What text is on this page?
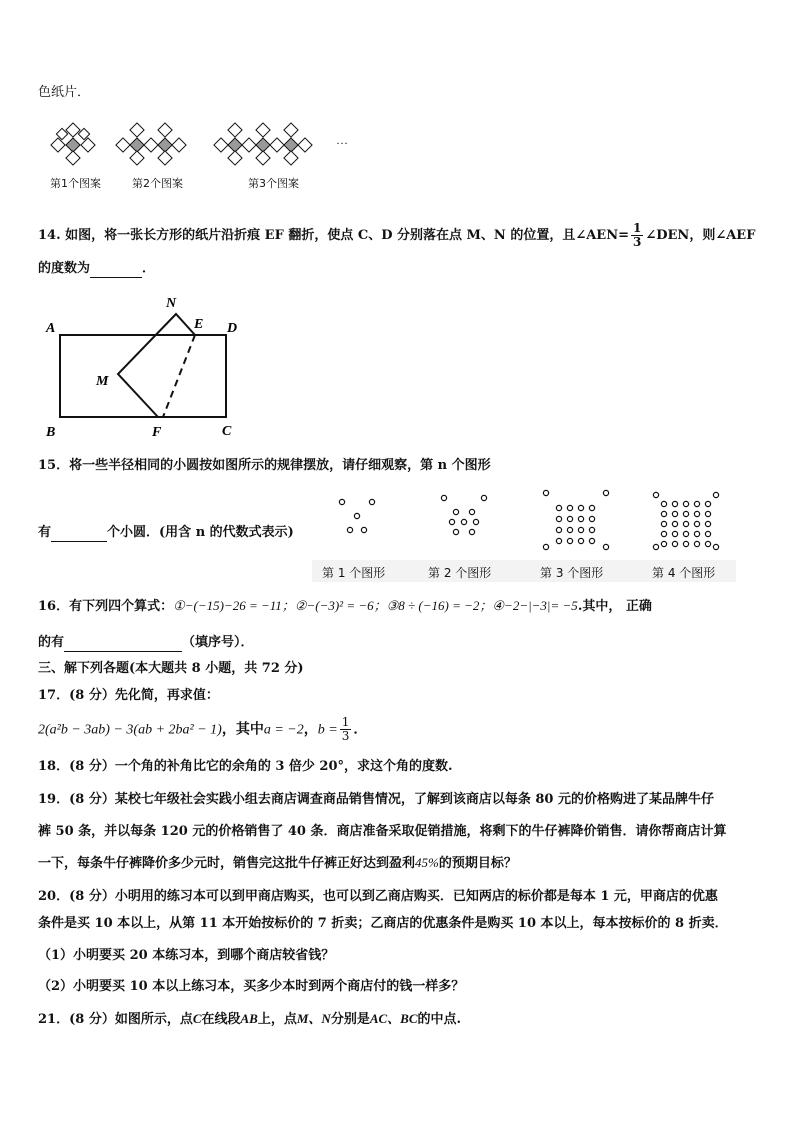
色纸片．
…
第1个图案	第2个图案	第3个图案
14. 如图，将一张长方形的纸片沿折痕 EF 翻折，使点 C、D 分别落在点 M、N 的位置，且∠AEN= $\frac{1}{3}$ ∠DEN，则∠AEF
的度数为	．
A
B	C
D
E
F
M
N
15．将一些半径相同的小圆按如图所示的规律摆放，请仔细观察，第 n 个图形
有	个小圆．(用含 n 的代数式表示)
第 1 个图形	第 2 个图形	第 3 个图形	第 4 个图形
16．有下列四个算式：①−(−15)−26 = −11；②−(−3)² = −6；③8 ÷ (−16) = −2；④−2−|−3|= −5.其中， 正确
的有	（填序号）．
三、解下列各题(本大题共 8 小题，共 72 分)
17．(8 分）先化简，再求值：
2(a²b − 3ab) − 3(ab + 2ba² − 1)，其中a = −2，$b = \frac{1}{3}$ ．
18．(8 分）一个角的补角比它的余角的 3 倍少 20°，求这个角的度数.
19．(8 分）某校七年级社会实践小组去商店调查商品销售情况，了解到该商店以每条 80 元的价格购进了某品牌牛仔
裤 50 条，并以每条 120 元的价格销售了 40 条．商店准备采取促销措施，将剩下的牛仔裤降价销售．请你帮商店计算
一下，每条牛仔裤降价多少元时，销售完这批牛仔裤正好达到盈利45%的预期目标？
20．(8 分）小明用的练习本可以到甲商店购买，也可以到乙商店购买．已知两店的标价都是每本 1 元，甲商店的优惠
条件是买 10 本以上，从第 11 本开始按标价的 7 折卖；乙商店的优惠条件是购买 10 本以上，每本按标价的 8 折卖．
（1）小明要买 20 本练习本，到哪个商店较省钱？
（2）小明要买 10 本以上练习本，买多少本时到两个商店付的钱一样多？
21．(8 分）如图所示，点C在线段AB上，点M、N分别是AC、BC的中点.
